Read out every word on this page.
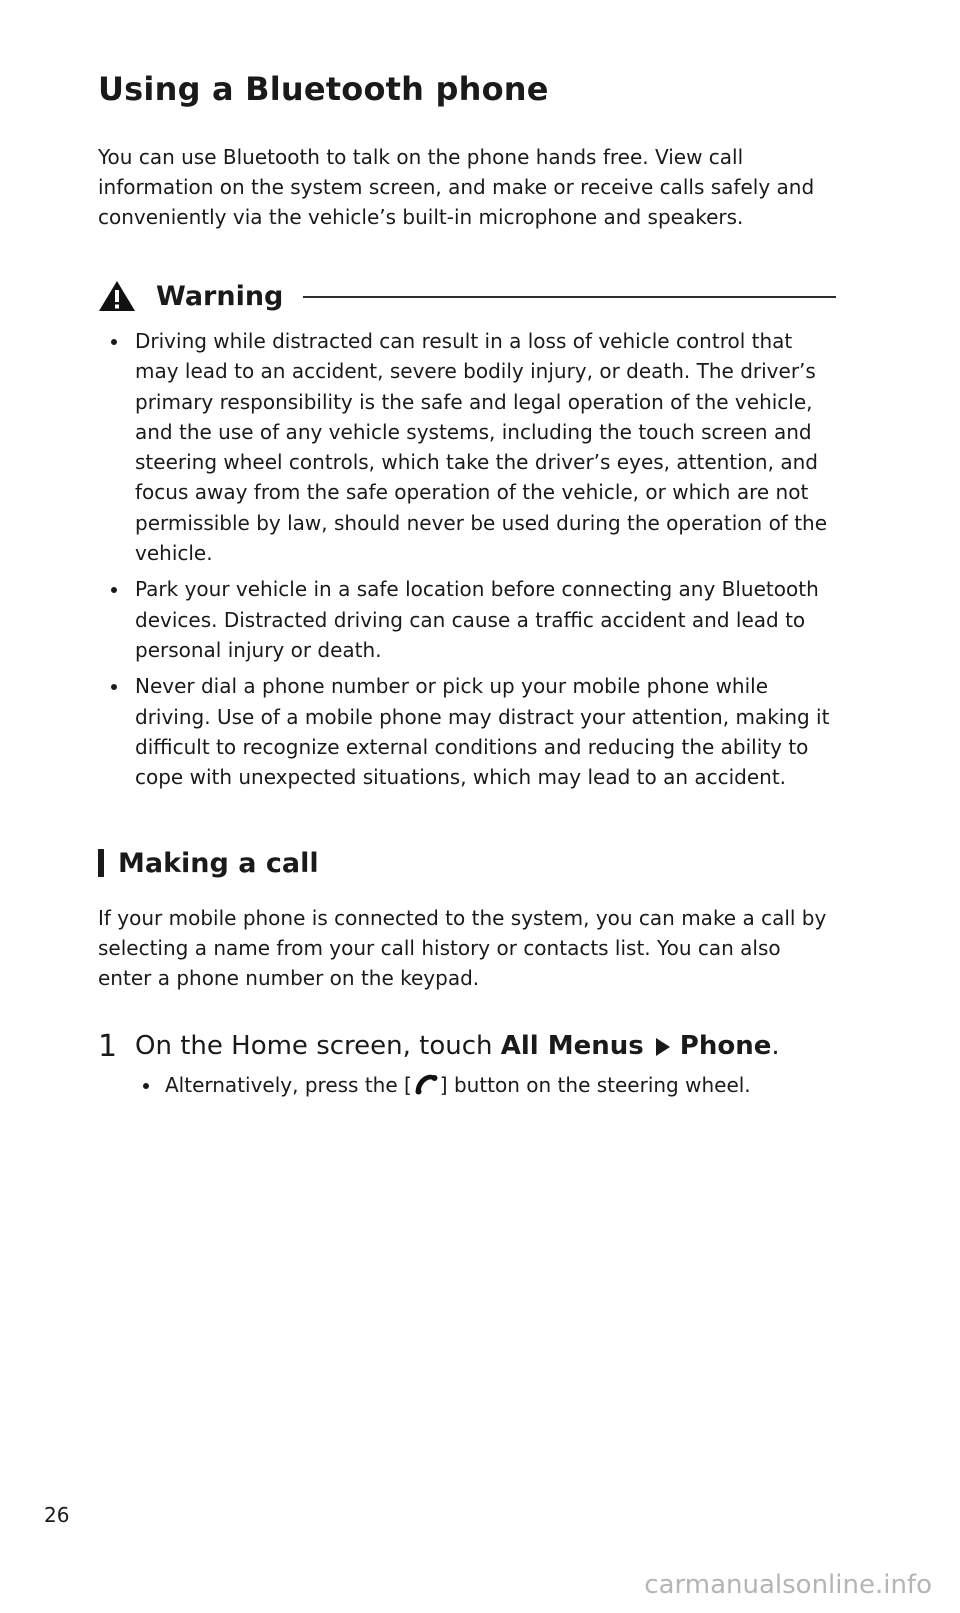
Using a Bluetooth phone

You can use Bluetooth to talk on the phone hands free. View call information on the system screen, and make or receive calls safely and conveniently via the vehicle’s built-in microphone and speakers.

Warning
Driving while distracted can result in a loss of vehicle control that may lead to an accident, severe bodily injury, or death. The driver’s primary responsibility is the safe and legal operation of the vehicle, and the use of any vehicle systems, including the touch screen and steering wheel controls, which take the driver’s eyes, attention, and focus away from the safe operation of the vehicle, or which are not permissible by law, should never be used during the operation of the vehicle.
Park your vehicle in a safe location before connecting any Bluetooth devices. Distracted driving can cause a traffic accident and lead to personal injury or death.
Never dial a phone number or pick up your mobile phone while driving. Use of a mobile phone may distract your attention, making it difficult to recognize external conditions and reducing the ability to cope with unexpected situations, which may lead to an accident.
Making a call

If your mobile phone is connected to the system, you can make a call by selecting a name from your call history or contacts list. You can also enter a phone number on the keypad.

1 On the Home screen, touch All Menus Phone.
Alternatively, press the [ ] button on the steering wheel.
26
carmanualsonline.info
